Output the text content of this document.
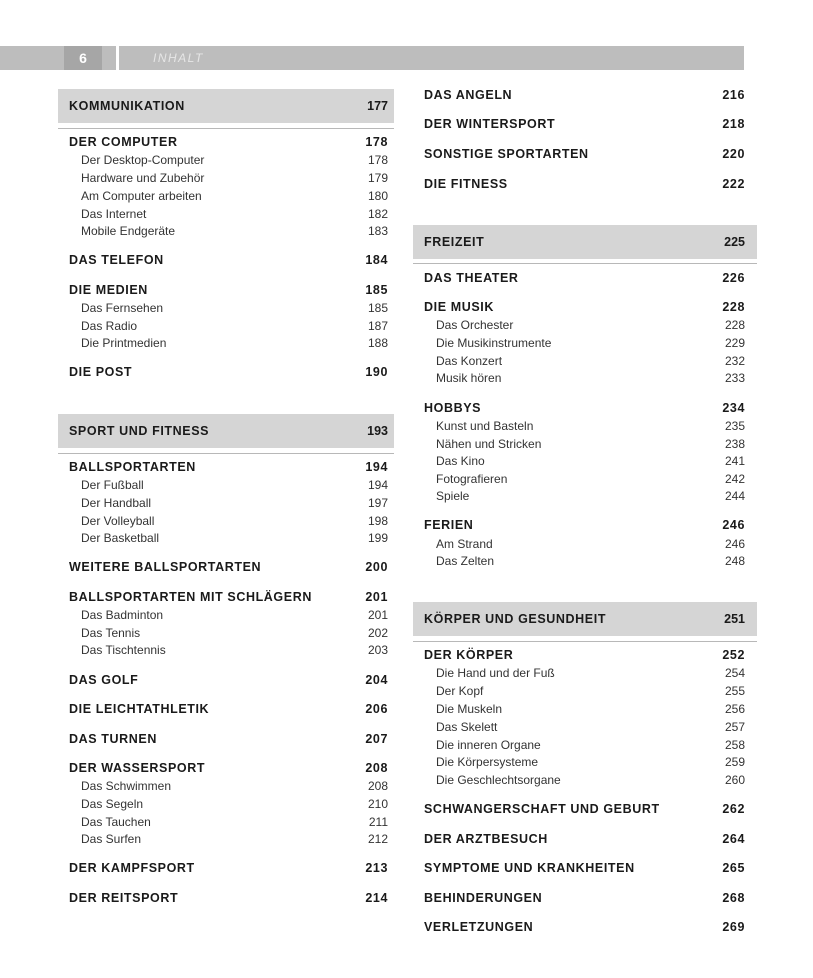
6	INHALT
KOMMUNIKATION	177
DER COMPUTER	178
Der Desktop-Computer	178
Hardware und Zubehör	179
Am Computer arbeiten	180
Das Internet	182
Mobile Endgeräte	183
DAS TELEFON	184
DIE MEDIEN	185
Das Fernsehen	185
Das Radio	187
Die Printmedien	188
DIE POST	190
SPORT UND FITNESS	193
BALLSPORTARTEN	194
Der Fußball	194
Der Handball	197
Der Volleyball	198
Der Basketball	199
WEITERE BALLSPORTARTEN	200
BALLSPORTARTEN MIT SCHLÄGERN	201
Das Badminton	201
Das Tennis	202
Das Tischtennis	203
DAS GOLF	204
DIE LEICHTATHLETIK	206
DAS TURNEN	207
DER WASSERSPORT	208
Das Schwimmen	208
Das Segeln	210
Das Tauchen	211
Das Surfen	212
DER KAMPFSPORT	213
DER REITSPORT	214
DAS ANGELN	216
DER WINTERSPORT	218
SONSTIGE SPORTARTEN	220
DIE FITNESS	222
FREIZEIT	225
DAS THEATER	226
DIE MUSIK	228
Das Orchester	228
Die Musikinstrumente	229
Das Konzert	232
Musik hören	233
HOBBYS	234
Kunst und Basteln	235
Nähen und Stricken	238
Das Kino	241
Fotografieren	242
Spiele	244
FERIEN	246
Am Strand	246
Das Zelten	248
KÖRPER UND GESUNDHEIT	251
DER KÖRPER	252
Die Hand und der Fuß	254
Der Kopf	255
Die Muskeln	256
Das Skelett	257
Die inneren Organe	258
Die Körpersysteme	259
Die Geschlechtsorgane	260
SCHWANGERSCHAFT UND GEBURT	262
DER ARZTBESUCH	264
SYMPTOME UND KRANKHEITEN	265
BEHINDERUNGEN	268
VERLETZUNGEN	269
